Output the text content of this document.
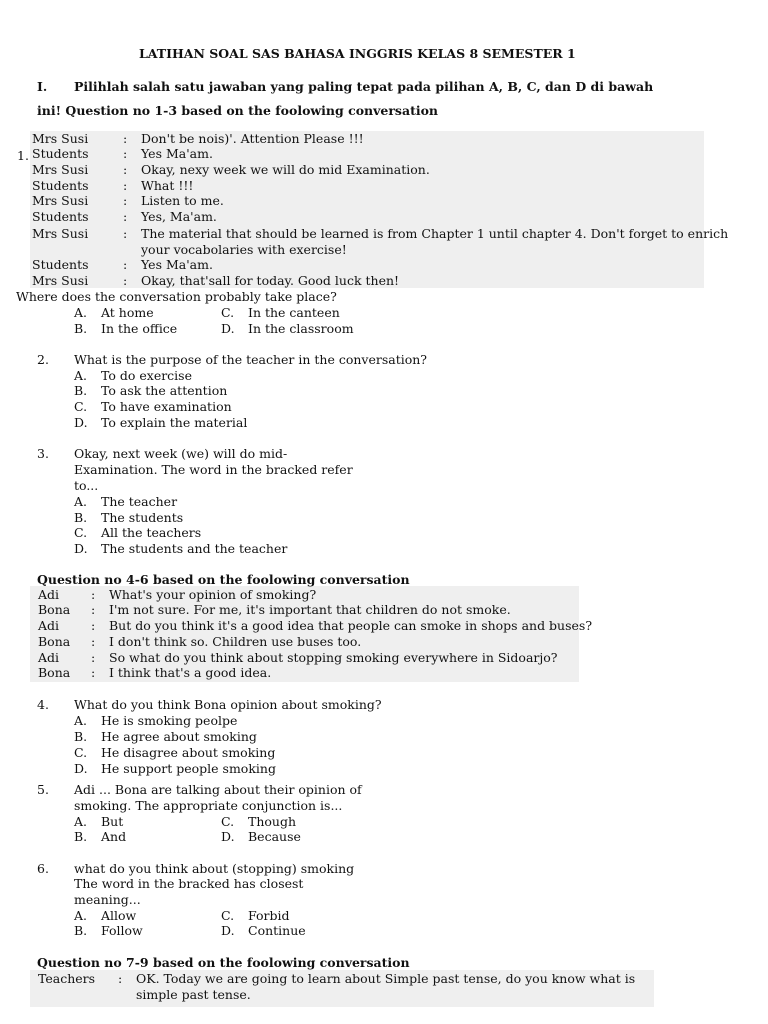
LATIHAN SOAL SAS BAHASA INGGRIS KELAS 8 SEMESTER 1
I. Pilihlah salah satu jawaban yang paling tepat pada pilihan A, B, C, dan D di bawah
ini! Question no 1-3 based on the foolowing conversation
1.
Mrs Susi	: Don't be nois)'. Attention Please !!!
Students	: Yes Ma'am.
Mrs Susi	: Okay, nexy week we will do mid Examination.
Students	: What !!!
Mrs Susi	: Listen to me.
Students	: Yes, Ma'am.
Mrs Susi	: The material that should be learned is from Chapter 1 until chapter 4. Don't forget to enrich
your vocabolaries with exercise!
Students	: Yes Ma'am.
Mrs Susi	: Okay, that'sall for today. Good luck then!
Where does the conversation probably take place?
A. At home	C. In the canteen
B. In the office	D. In the classroom
2. What is the purpose of the teacher in the conversation?
A. To do exercise
B. To ask the attention
C. To have examination
D. To explain the material
3. Okay, next week (we) will do mid-
Examination. The word in the bracked refer
to...
A. The teacher
B. The students
C. All the teachers
D. The students and the teacher
Question no 4-6 based on the foolowing conversation
Adi	: What's your opinion of smoking?
Bona : I'm not sure. For me, it's important that children do not smoke.
Adi	: But do you think it's a good idea that people can smoke in shops and buses?
Bona : I don't think so. Children use buses too.
Adi	: So what do you think about stopping smoking everywhere in Sidoarjo?
Bona : I think that's a good idea.
4. What do you think Bona opinion about smoking?
A. He is smoking peolpe
B. He agree about smoking
C. He disagree about smoking
D. He support people smoking
5. Adi ... Bona are talking about their opinion of
smoking. The appropriate conjunction is...
A. But	C. Though
B. And	D. Because
6. what do you think about (stopping) smoking
The word in the bracked has closest
meaning...
A. Allow	C. Forbid
B. Follow	D. Continue
Question no 7-9 based on the foolowing conversation
Teachers : OK. Today we are going to learn about Simple past tense, do you know what is
simple past tense.
